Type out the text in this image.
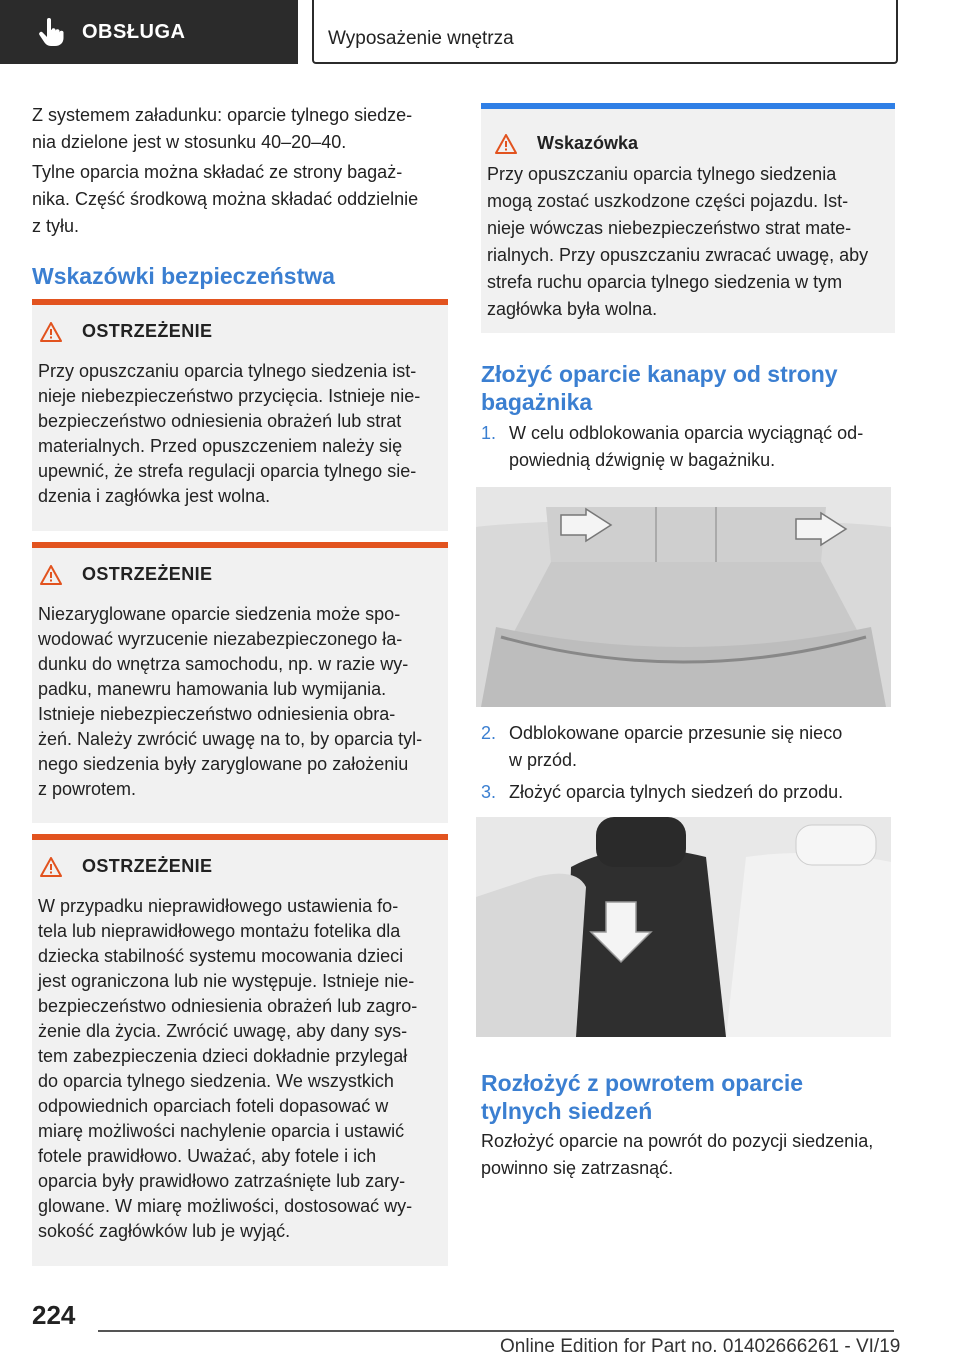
OBSŁUGA	Wyposażenie wnętrza

Z systemem załadunku: oparcie tylnego siedze‐
nia dzielone jest w stosunku 40–20–40.

Tylne oparcia można składać ze strony bagaż‐
nika. Część środkową można składać oddzielnie
z tyłu.

Wskazówki bezpieczeństwa
OSTRZEŻENIE
Przy opuszczaniu oparcia tylnego siedzenia ist‐
nieje niebezpieczeństwo przycięcia. Istnieje nie‐
bezpieczeństwo odniesienia obrażeń lub strat
materialnych. Przed opuszczeniem należy się
upewnić, że strefa regulacji oparcia tylnego sie‐
dzenia i zagłówka jest wolna.
OSTRZEŻENIE
Niezaryglowane oparcie siedzenia może spo‐
wodować wyrzucenie niezabezpieczonego ła‐
dunku do wnętrza samochodu, np. w razie wy‐
padku, manewru hamowania lub wymijania.
Istnieje niebezpieczeństwo odniesienia obra‐
żeń. Należy zwrócić uwagę na to, by oparcia tyl‐
nego siedzenia były zaryglowane po założeniu
z powrotem.
OSTRZEŻENIE
W przypadku nieprawidłowego ustawienia fo‐
tela lub nieprawidłowego montażu fotelika dla
dziecka stabilność systemu mocowania dzieci
jest ograniczona lub nie występuje. Istnieje nie‐
bezpieczeństwo odniesienia obrażeń lub zagro‐
żenie dla życia. Zwrócić uwagę, aby dany sys‐
tem zabezpieczenia dzieci dokładnie przylegał
do oparcia tylnego siedzenia. We wszystkich
odpowiednich oparciach foteli dopasować w
miarę możliwości nachylenie oparcia i ustawić
fotele prawidłowo. Uważać, aby fotele i ich
oparcia były prawidłowo zatrzaśnięte lub zary‐
glowane. W miarę możliwości, dostosować wy‐
sokość zagłówków lub je wyjąć.
Wskazówka
Przy opuszczaniu oparcia tylnego siedzenia
mogą zostać uszkodzone części pojazdu. Ist‐
nieje wówczas niebezpieczeństwo strat mate‐
rialnych. Przy opuszczaniu zwracać uwagę, aby
strefa ruchu oparcia tylnego siedzenia w tym
zagłówka była wolna.
Złożyć oparcie kanapy od strony
bagażnika
1. W celu odblokowania oparcia wyciągnąć od‐
powiednią dźwignię w bagażniku.
2. Odblokowane oparcie przesunie się nieco
w przód.
3. Złożyć oparcia tylnych siedzeń do przodu.
Rozłożyć z powrotem oparcie
tylnych siedzeń

Rozłożyć oparcie na powrót do pozycji siedzenia,
powinno się zatrzasnąć.

224
Online Edition for Part no. 01402666261 - VI/19
